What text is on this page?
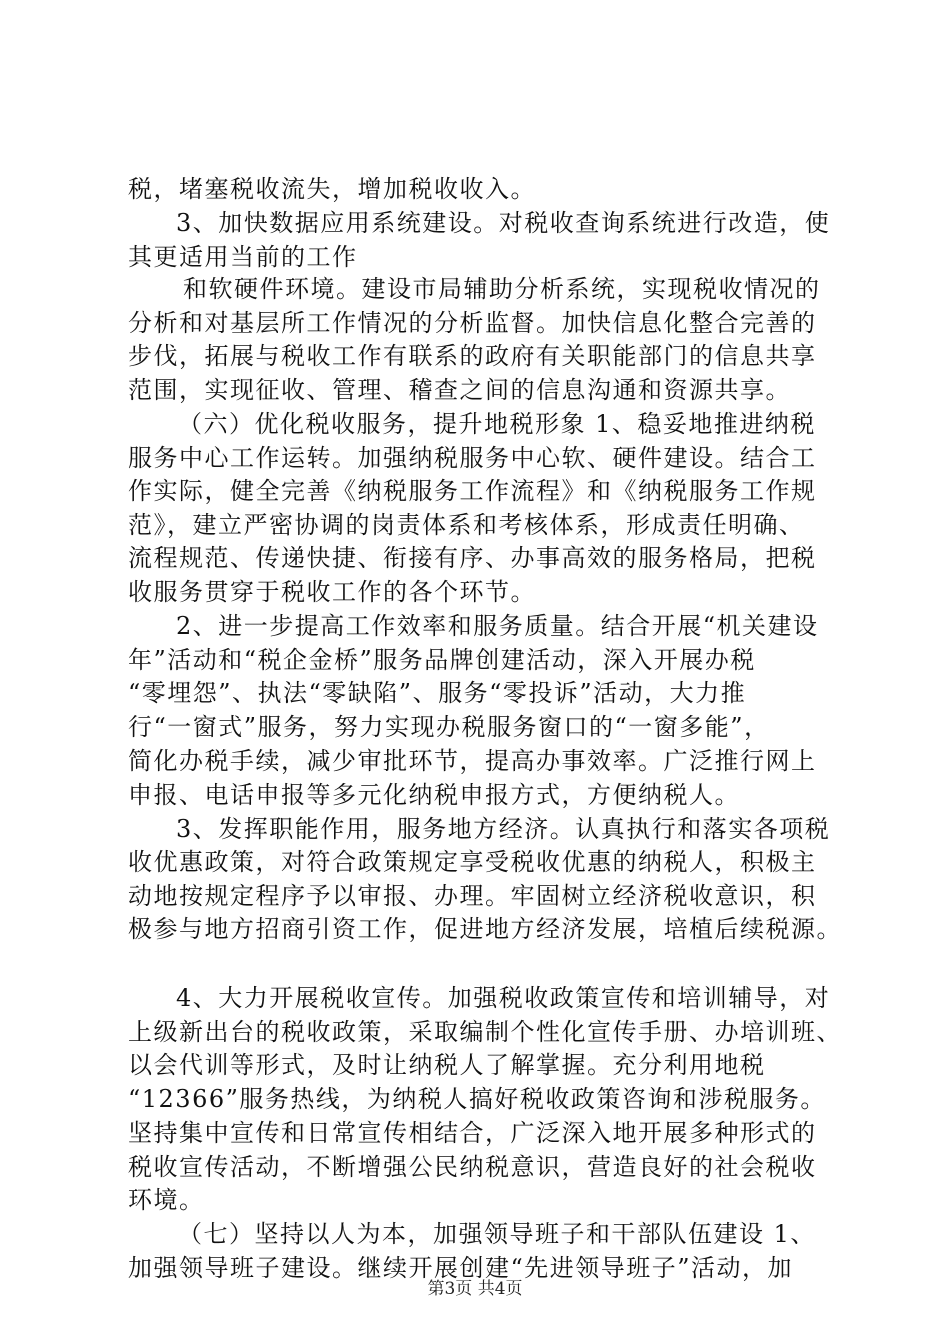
税，堵塞税收流失，增加税收收入。
3、加快数据应用系统建设。对税收查询系统进行改造，使
其更适用当前的工作
和软硬件环境。建设市局辅助分析系统，实现税收情况的
分析和对基层所工作情况的分析监督。加快信息化整合完善的
步伐，拓展与税收工作有联系的政府有关职能部门的信息共享
范围，实现征收、管理、稽查之间的信息沟通和资源共享。
（六）优化税收服务，提升地税形象 1、稳妥地推进纳税
服务中心工作运转。加强纳税服务中心软、硬件建设。结合工
作实际，健全完善《纳税服务工作流程》和《纳税服务工作规
范》，建立严密协调的岗责体系和考核体系，形成责任明确、
流程规范、传递快捷、衔接有序、办事高效的服务格局，把税
收服务贯穿于税收工作的各个环节。
2、进一步提高工作效率和服务质量。结合开展“机关建设
年”活动和“税企金桥”服务品牌创建活动，深入开展办税
“零埋怨”、执法“零缺陷”、服务“零投诉”活动，大力推
行“一窗式”服务，努力实现办税服务窗口的“一窗多能”，
简化办税手续，减少审批环节，提高办事效率。广泛推行网上
申报、电话申报等多元化纳税申报方式，方便纳税人。
3、发挥职能作用，服务地方经济。认真执行和落实各项税
收优惠政策，对符合政策规定享受税收优惠的纳税人，积极主
动地按规定程序予以审报、办理。牢固树立经济税收意识，积
极参与地方招商引资工作，促进地方经济发展，培植后续税源。
4、大力开展税收宣传。加强税收政策宣传和培训辅导，对
上级新出台的税收政策，采取编制个性化宣传手册、办培训班、
以会代训等形式，及时让纳税人了解掌握。充分利用地税
“12366”服务热线，为纳税人搞好税收政策咨询和涉税服务。
坚持集中宣传和日常宣传相结合，广泛深入地开展多种形式的
税收宣传活动，不断增强公民纳税意识，营造良好的社会税收
环境。
（七）坚持以人为本，加强领导班子和干部队伍建设 1、
加强领导班子建设。继续开展创建“先进领导班子”活动，加
第3页 共4页
